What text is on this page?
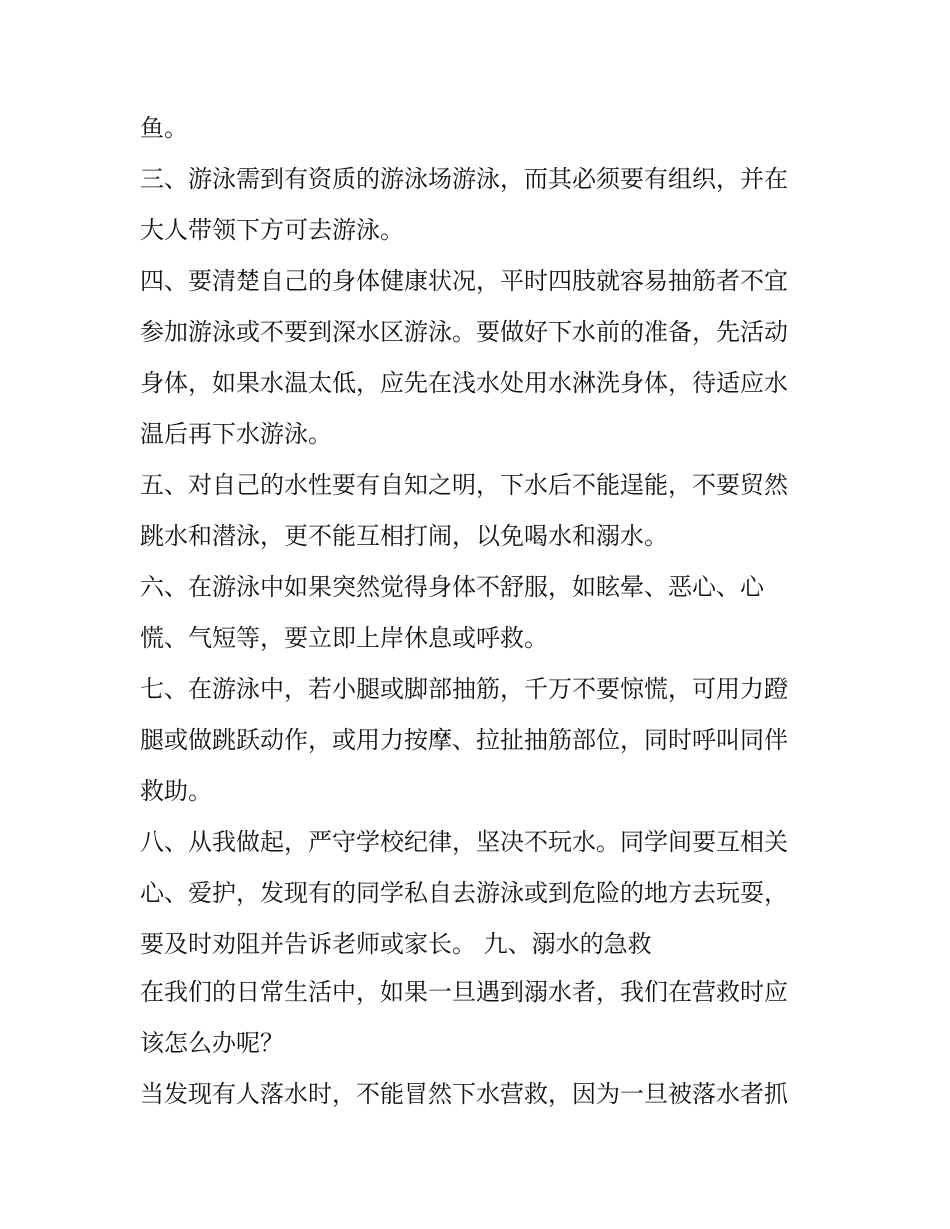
鱼。

三、游泳需到有资质的游泳场游泳，而其必须要有组织，并在

大人带领下方可去游泳。

四、要清楚自己的身体健康状况，平时四肢就容易抽筋者不宜

参加游泳或不要到深水区游泳。要做好下水前的准备，先活动

身体，如果水温太低，应先在浅水处用水淋洗身体，待适应水

温后再下水游泳。

五、对自己的水性要有自知之明，下水后不能逞能，不要贸然

跳水和潜泳，更不能互相打闹，以免喝水和溺水。

六、在游泳中如果突然觉得身体不舒服，如眩晕、恶心、心

慌、气短等，要立即上岸休息或呼救。

七、在游泳中，若小腿或脚部抽筋，千万不要惊慌，可用力蹬

腿或做跳跃动作，或用力按摩、拉扯抽筋部位，同时呼叫同伴

救助。

八、从我做起，严守学校纪律，坚决不玩水。同学间要互相关

心、爱护，发现有的同学私自去游泳或到危险的地方去玩耍，

要及时劝阻并告诉老师或家长。 九、溺水的急救

在我们的日常生活中，如果一旦遇到溺水者，我们在营救时应

该怎么办呢？

当发现有人落水时，不能冒然下水营救，因为一旦被落水者抓
